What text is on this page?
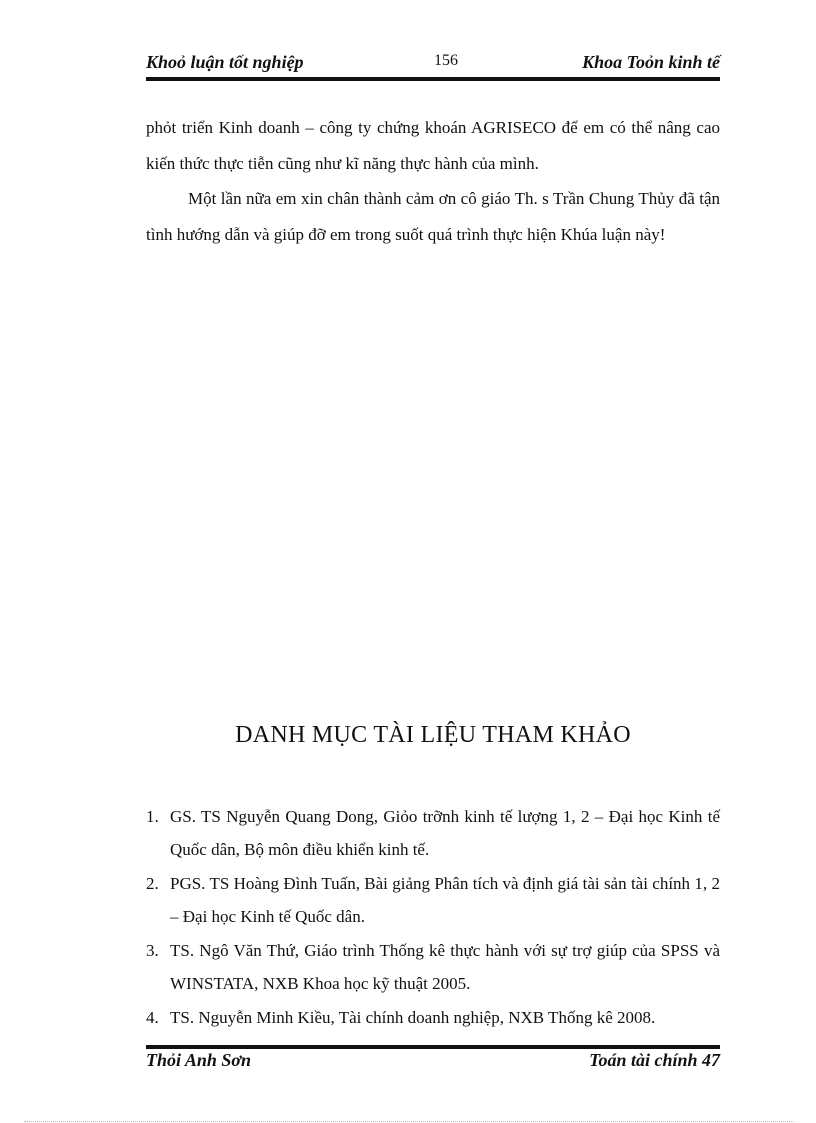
Khoỏ luận tốt nghiệp	156	Khoa Toỏn kinh tế

phỏt triển Kinh doanh – công ty chứng khoán AGRISECO để em có thể nâng cao kiến thức thực tiễn cũng như kĩ năng thực hành của mình.

Một lần nữa em xin chân thành cảm ơn cô giáo Th. s Trần Chung Thủy đã tận tình hướng dẫn và giúp đỡ em trong suốt quá trình thực hiện Khúa luận này!

DANH MỤC TÀI LIỆU THAM KHẢO
1. GS. TS Nguyễn Quang Dong, Giỏo trỡnh kinh tế lượng 1, 2 – Đại học Kinh tế Quốc dân, Bộ môn điều khiển kinh tế.
2. PGS. TS Hoàng Đình Tuấn, Bài giảng Phân tích và định giá tài sản tài chính 1, 2 – Đại học Kinh tế Quốc dân.
3. TS. Ngô Văn Thứ, Giáo trình Thống kê thực hành với sự trợ giúp của SPSS và WINSTATA, NXB Khoa học kỹ thuật 2005.
4. TS. Nguyễn Minh Kiều, Tài chính doanh nghiệp, NXB Thống kê 2008.
Thỏi Anh Sơn	Toán tài chính 47
